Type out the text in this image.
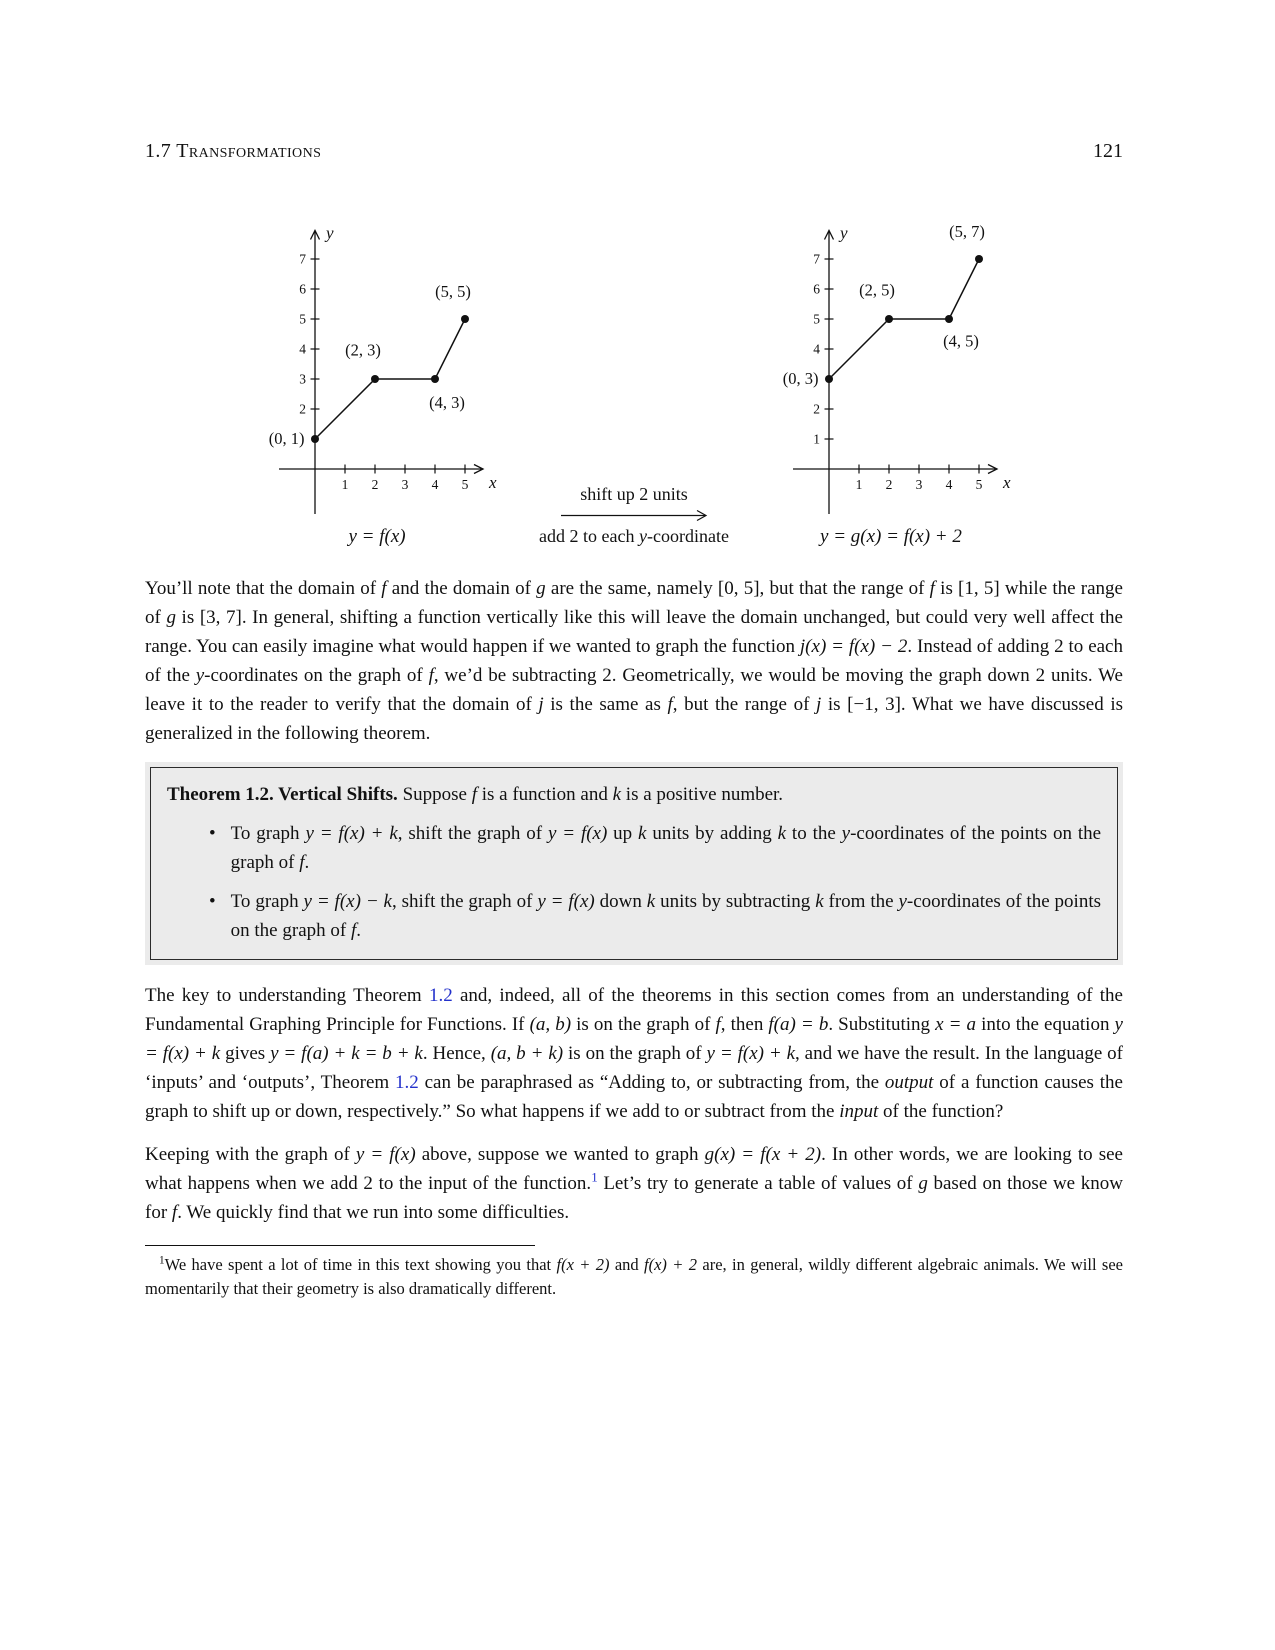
1.7 Transformations	121
x
y
1 2 3 4 5
2
3
4
5
6
7
(0, 1)
(2, 3)
(4, 3)
(5, 5)
y = f(x)
shift up 2 units
add 2 to each y-coordinate
x
y
1 2 3 4 5
1
2
4
5
6
7
(0, 3)
(2, 5)
(4, 5)
(5, 7)
y = g(x) = f(x) + 2

You’ll note that the domain of f and the domain of g are the same, namely [0, 5], but that the range of f is [1, 5] while the range of g is [3, 7]. In general, shifting a function vertically like this will leave the domain unchanged, but could very well affect the range. You can easily imagine what would happen if we wanted to graph the function j(x) = f(x) − 2. Instead of adding 2 to each of the y-coordinates on the graph of f, we’d be subtracting 2. Geometrically, we would be moving the graph down 2 units. We leave it to the reader to verify that the domain of j is the same as f, but the range of j is [−1, 3]. What we have discussed is generalized in the following theorem.

Theorem 1.2. Vertical Shifts. Suppose f is a function and k is a positive number.

• To graph y = f(x) + k, shift the graph of y = f(x) up k units by adding k to the y-coordinates of the points on the graph of f.
• To graph y = f(x) − k, shift the graph of y = f(x) down k units by subtracting k from the y-coordinates of the points on the graph of f.

The key to understanding Theorem 1.2 and, indeed, all of the theorems in this section comes from an understanding of the Fundamental Graphing Principle for Functions. If (a, b) is on the graph of f, then f(a) = b. Substituting x = a into the equation y = f(x) + k gives y = f(a) + k = b + k. Hence, (a, b + k) is on the graph of y = f(x) + k, and we have the result. In the language of ‘inputs’ and ‘outputs’, Theorem 1.2 can be paraphrased as “Adding to, or subtracting from, the output of a function causes the graph to shift up or down, respectively.” So what happens if we add to or subtract from the input of the function?

Keeping with the graph of y = f(x) above, suppose we wanted to graph g(x) = f(x + 2). In other words, we are looking to see what happens when we add 2 to the input of the function.$^1$ Let’s try to generate a table of values of g based on those we know for f. We quickly find that we run into some difficulties.

$^1$We have spent a lot of time in this text showing you that f(x + 2) and f(x) + 2 are, in general, wildly different algebraic animals. We will see momentarily that their geometry is also dramatically different.
